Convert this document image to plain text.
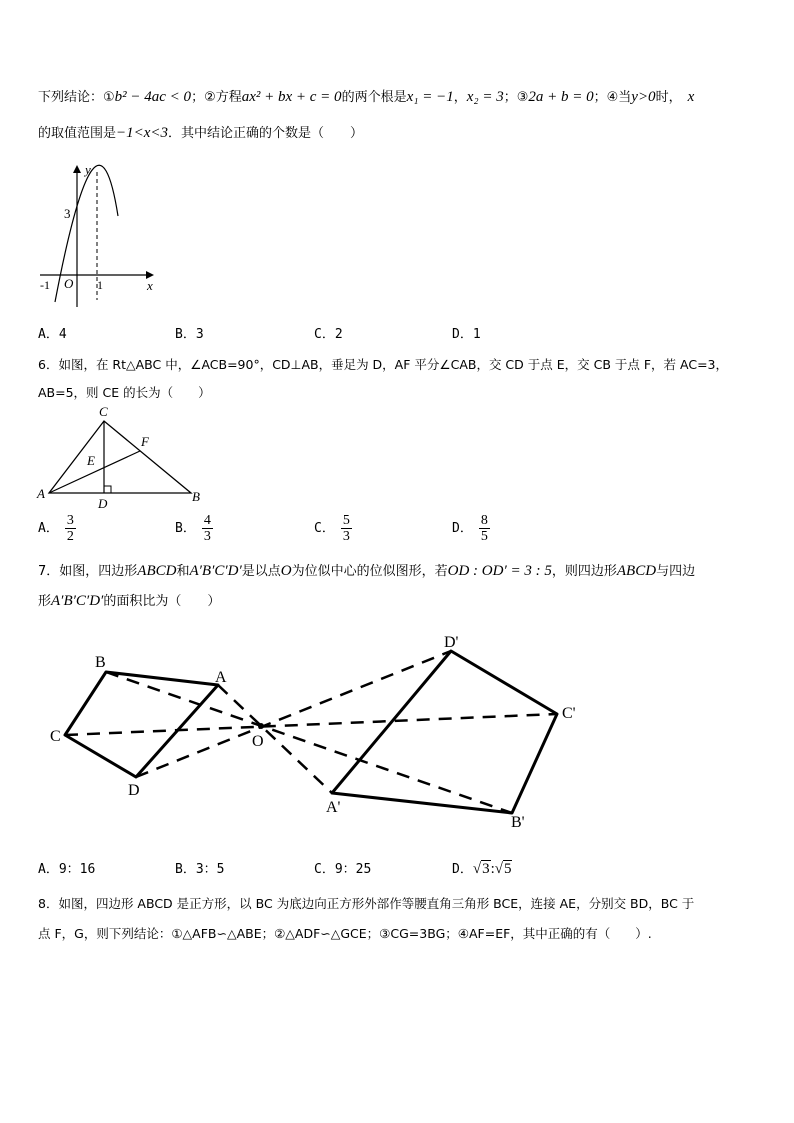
下列结论：①b² − 4ac < 0；②方程ax² + bx + c = 0的两个根是x₁ = −1，x₂ = 3；③2a + b = 0；④当y>0时， x
的取值范围是−1<x<3．其中结论正确的个数是（　　）
y
x
O
3
-1	1
A．4	B．3	C．2	D．1
6．如图，在 Rt△ABC 中，∠ACB=90°，CD⊥AB，垂足为 D，AF 平分∠CAB，交 CD 于点 E，交 CB 于点 F，若 AC=3，
AB=5，则 CE 的长为（　　）
C
F
E
A
D	B
A． $\frac{3}{2}$	B． $\frac{4}{3}$	C． $\frac{5}{3}$	D． $\frac{8}{5}$
7．如图，四边形ABCD和A′B′C′D′是以点O为位似中心的位似图形，若OD : OD′ = 3 : 5，则四边形ABCD与四边
形A′B′C′D′的面积比为（　　）
B
A
C
D
O
D'
C'
A'
B'
A．9：16	B．3：5	C．9：25	D．√3:√5
8．如图，四边形 ABCD 是正方形，以 BC 为底边向正方形外部作等腰直角三角形 BCE，连接 AE，分别交 BD，BC 于
点 F，G，则下列结论：①△AFB∽△ABE；②△ADF∽△GCE；③CG=3BG；④AF=EF，其中正确的有（　　）.
